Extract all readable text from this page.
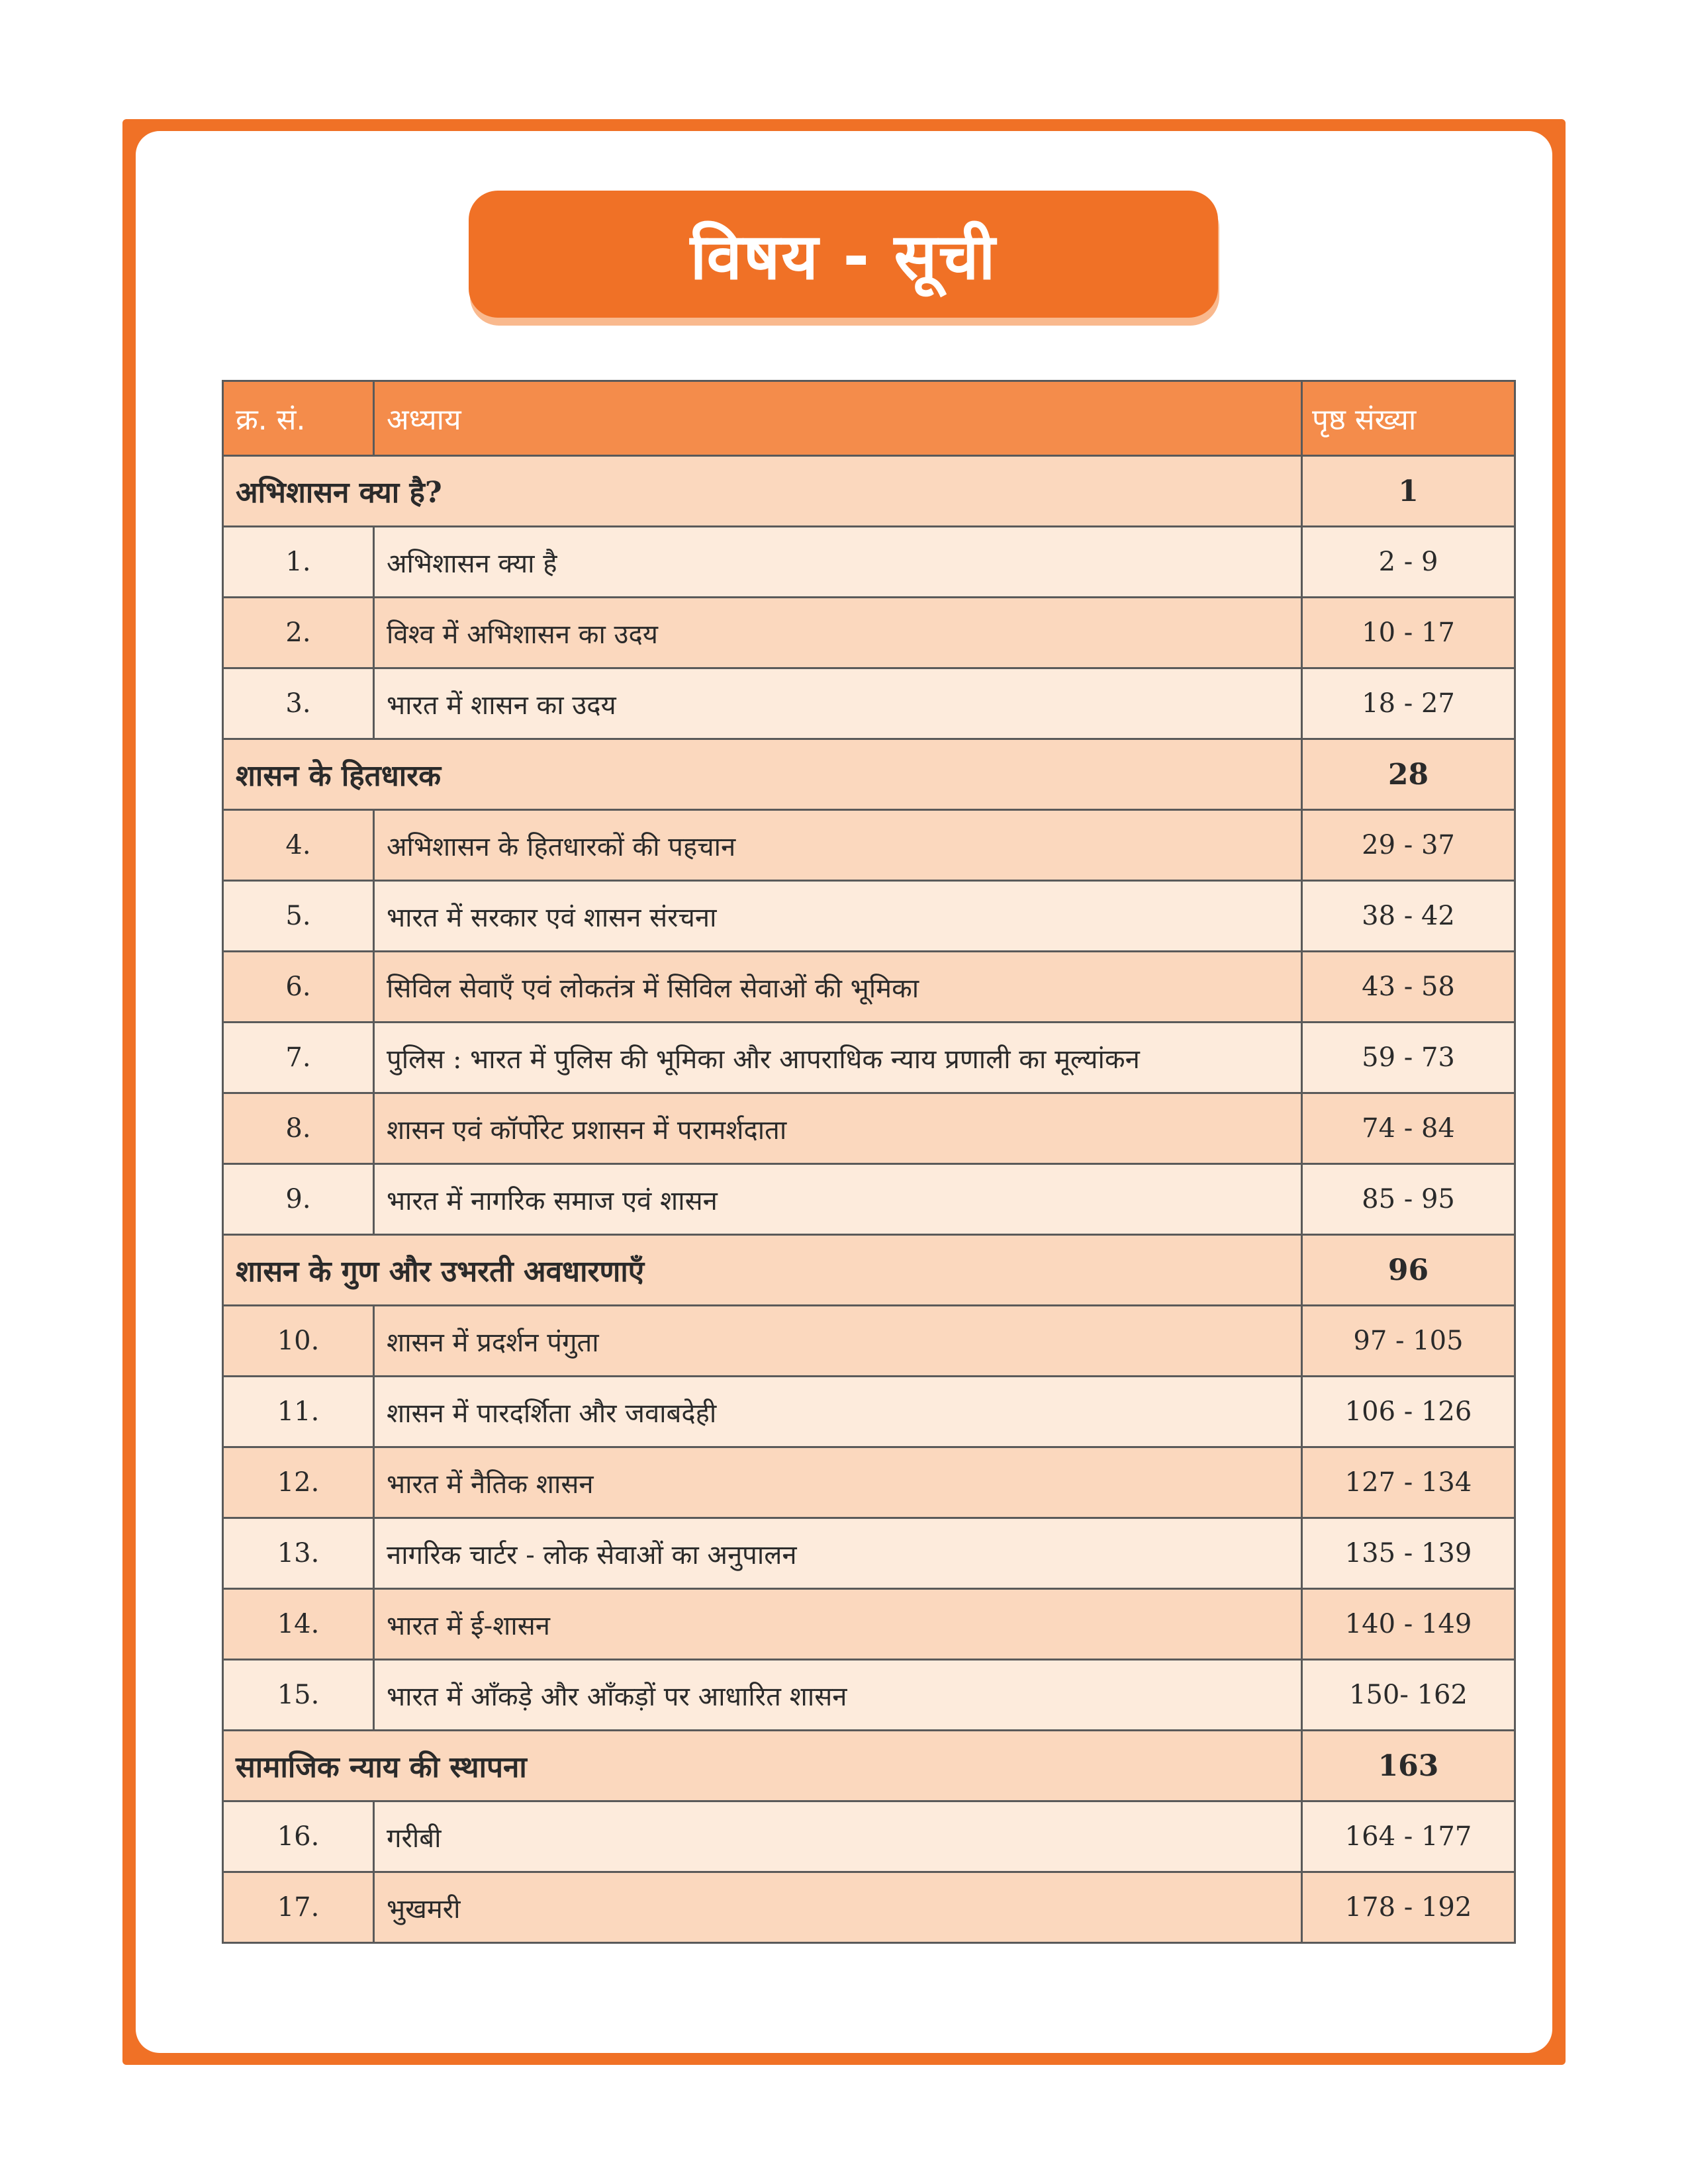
विषय - सूची
क्र. सं.	अध्याय	पृष्ठ संख्या
अभिशासन क्या है?		1
1.	अभिशासन क्या है	2 - 9
2.	विश्व में अभिशासन का उदय	10 - 17
3.	भारत में शासन का उदय	18 - 27
शासन के हितधारक		28
4.	अभिशासन के हितधारकों की पहचान	29 - 37
5.	भारत में सरकार एवं शासन संरचना	38 - 42
6.	सिविल सेवाएँ एवं लोकतंत्र में सिविल सेवाओं की भूमिका	43 - 58
7.	पुलिस : भारत में पुलिस की भूमिका और आपराधिक न्याय प्रणाली का मूल्यांकन	59 - 73
8.	शासन एवं कॉर्पोरेट प्रशासन में परामर्शदाता	74 - 84
9.	भारत में नागरिक समाज एवं शासन	85 - 95
शासन के गुण और उभरती अवधारणाएँ		96
10.	शासन में प्रदर्शन पंगुता	97 - 105
11.	शासन में पारदर्शिता और जवाबदेही	106 - 126
12.	भारत में नैतिक शासन	127 - 134
13.	नागरिक चार्टर - लोक सेवाओं का अनुपालन	135 - 139
14.	भारत में ई-शासन	140 - 149
15.	भारत में आँकड़े और आँकड़ों पर आधारित शासन	150- 162
सामाजिक न्याय की स्थापना		163
16.	गरीबी	164 - 177
17.	भुखमरी	178 - 192
